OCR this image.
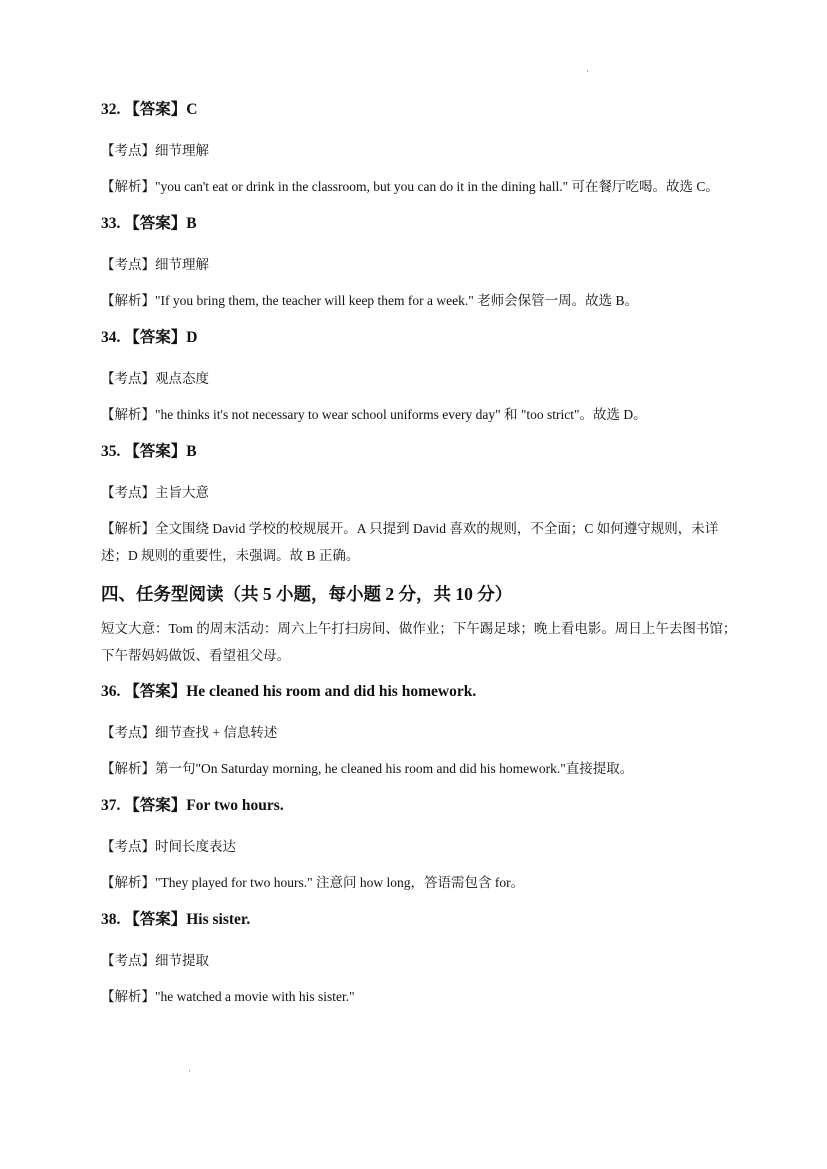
·
32. 【答案】C
【考点】细节理解
【解析】"you can't eat or drink in the classroom, but you can do it in the dining hall." 可在餐厅吃喝。故选 C。
33. 【答案】B
【考点】细节理解
【解析】"If you bring them, the teacher will keep them for a week." 老师会保管一周。故选 B。
34. 【答案】D
【考点】观点态度
【解析】"he thinks it's not necessary to wear school uniforms every day" 和 "too strict"。故选 D。
35. 【答案】B
【考点】主旨大意
【解析】全文围绕 David 学校的校规展开。A 只提到 David 喜欢的规则，不全面；C 如何遵守规则，未详述；D 规则的重要性，未强调。故 B 正确。
四、任务型阅读（共 5 小题，每小题 2 分，共 10 分）
短文大意：Tom 的周末活动：周六上午打扫房间、做作业；下午踢足球；晚上看电影。周日上午去图书馆；下午帮妈妈做饭、看望祖父母。
36. 【答案】He cleaned his room and did his homework.
【考点】细节查找 + 信息转述
【解析】第一句"On Saturday morning, he cleaned his room and did his homework."直接提取。
37. 【答案】For two hours.
【考点】时间长度表达
【解析】"They played for two hours." 注意问 how long，答语需包含 for。
38. 【答案】His sister.
【考点】细节提取
【解析】"he watched a movie with his sister."
·
